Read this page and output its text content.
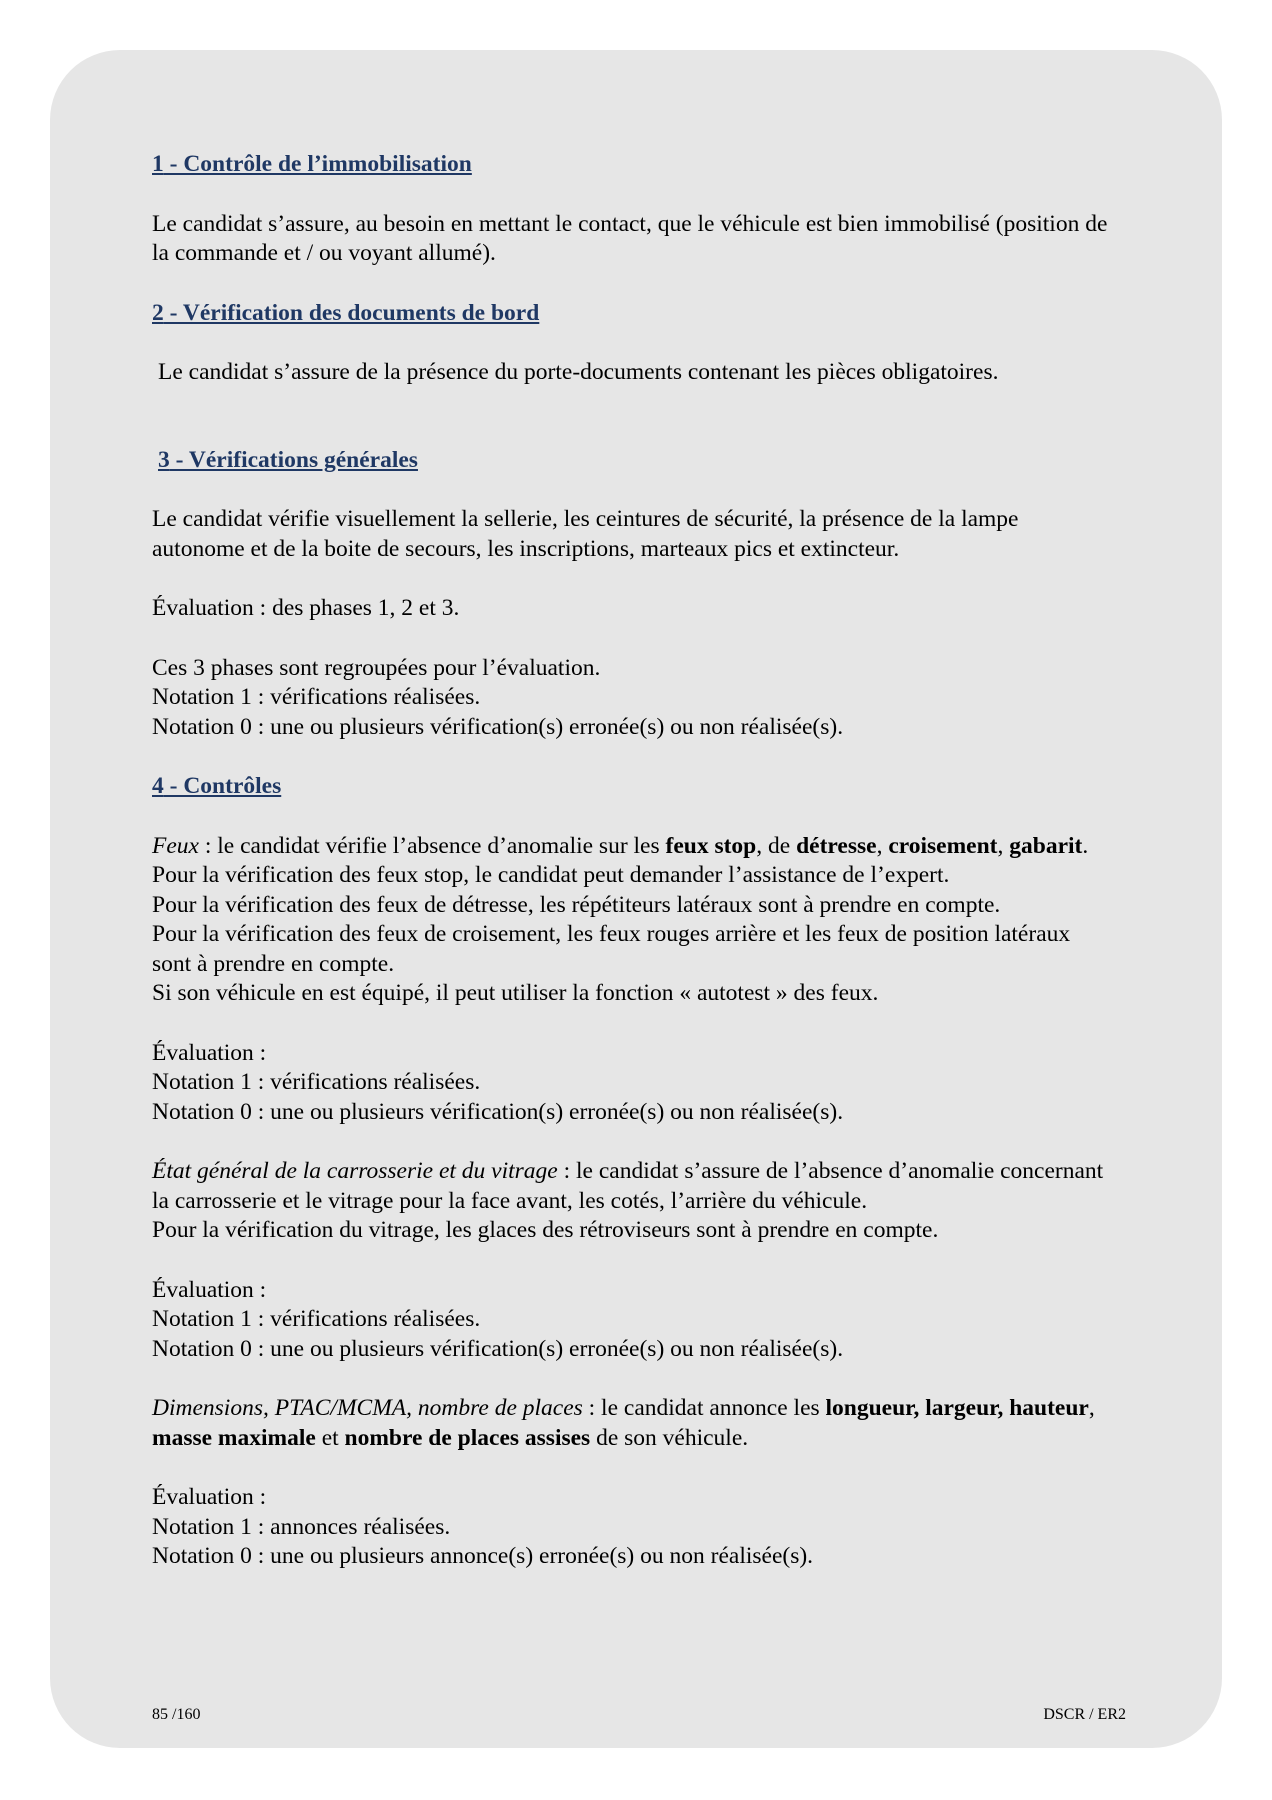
1 - Contrôle de l’immobilisation

Le candidat s’assure, au besoin en mettant le contact, que le véhicule est bien immobilisé (position de la commande et / ou voyant allumé).

2 - Vérification des documents de bord

Le candidat s’assure de la présence du porte-documents contenant les pièces obligatoires.

3 - Vérifications générales

Le candidat vérifie visuellement la sellerie, les ceintures de sécurité, la présence de la lampe autonome et de la boite de secours, les inscriptions, marteaux pics et extincteur.

Évaluation : des phases 1, 2 et 3.

Ces 3 phases sont regroupées pour l’évaluation.

Notation 1 : vérifications réalisées.

Notation 0 : une ou plusieurs vérification(s) erronée(s) ou non réalisée(s).

4 - Contrôles

Feux : le candidat vérifie l’absence d’anomalie sur les feux stop, de détresse, croisement, gabarit.

Pour la vérification des feux stop, le candidat peut demander l’assistance de l’expert.

Pour la vérification des feux de détresse, les répétiteurs latéraux sont à prendre en compte.

Pour la vérification des feux de croisement, les feux rouges arrière et les feux de position latéraux sont à prendre en compte.

Si son véhicule en est équipé, il peut utiliser la fonction « autotest » des feux.

Évaluation :

Notation 1 : vérifications réalisées.

Notation 0 : une ou plusieurs vérification(s) erronée(s) ou non réalisée(s).

État général de la carrosserie et du vitrage : le candidat s’assure de l’absence d’anomalie concernant la carrosserie et le vitrage pour la face avant, les cotés, l’arrière du véhicule.

Pour la vérification du vitrage, les glaces des rétroviseurs sont à prendre en compte.

Évaluation :

Notation 1 : vérifications réalisées.

Notation 0 : une ou plusieurs vérification(s) erronée(s) ou non réalisée(s).

Dimensions, PTAC/MCMA, nombre de places : le candidat annonce les longueur, largeur, hauteur, masse maximale et nombre de places assises de son véhicule.

Évaluation :

Notation 1 : annonces réalisées.

Notation 0 : une ou plusieurs annonce(s) erronée(s) ou non réalisée(s).

85 /160	DSCR / ER2
